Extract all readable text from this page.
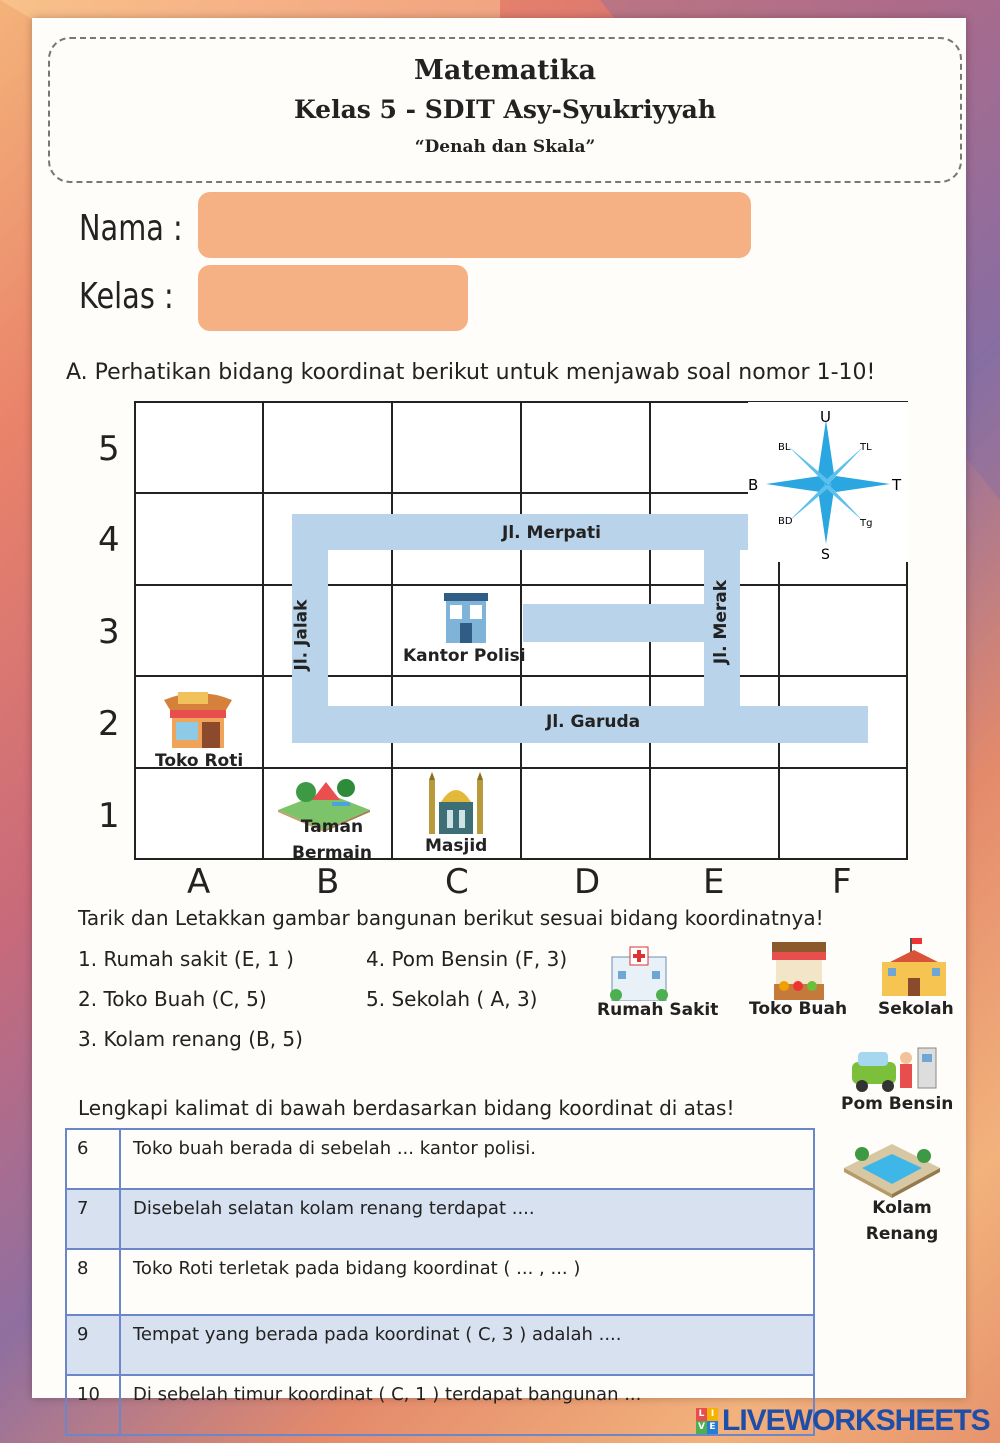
Matematika
Kelas 5 - SDIT Asy-Syukriyyah
“Denah dan Skala”
Nama :
Kelas :
A. Perhatikan bidang koordinat berikut untuk menjawab soal nomor 1-10!
5
4
3
2
1
Jl. Merpati
Jl. Garuda
Jl. Jalak	Jl. Merak
U
S
B	T
BL	TL
BD	Tg
Kantor Polisi
Toko Roti
Taman Bermain	Masjid
A	B	C	D	E	F
Tarik dan Letakkan gambar bangunan berikut sesuai bidang koordinatnya!
1. Rumah sakit (E, 1 )
2. Toko Buah (C, 5)
3. Kolam renang (B, 5)
4. Pom Bensin (F, 3)
5. Sekolah ( A, 3)	Rumah Sakit Toko Buah Sekolah
Pom Bensin
Lengkapi kalimat di bawah berdasarkan bidang koordinat di atas!
Kolam Renang
6	Toko buah berada di sebelah ... kantor polisi.
7	Disebelah selatan kolam renang terdapat ....
8	Toko Roti terletak pada bidang koordinat ( ... , ... )
9	Tempat yang berada pada koordinat ( C, 3 ) adalah ....
10	Di sebelah timur koordinat ( C, 1 ) terdapat bangunan ...
L I
V E LIVEWORKSHEETS
